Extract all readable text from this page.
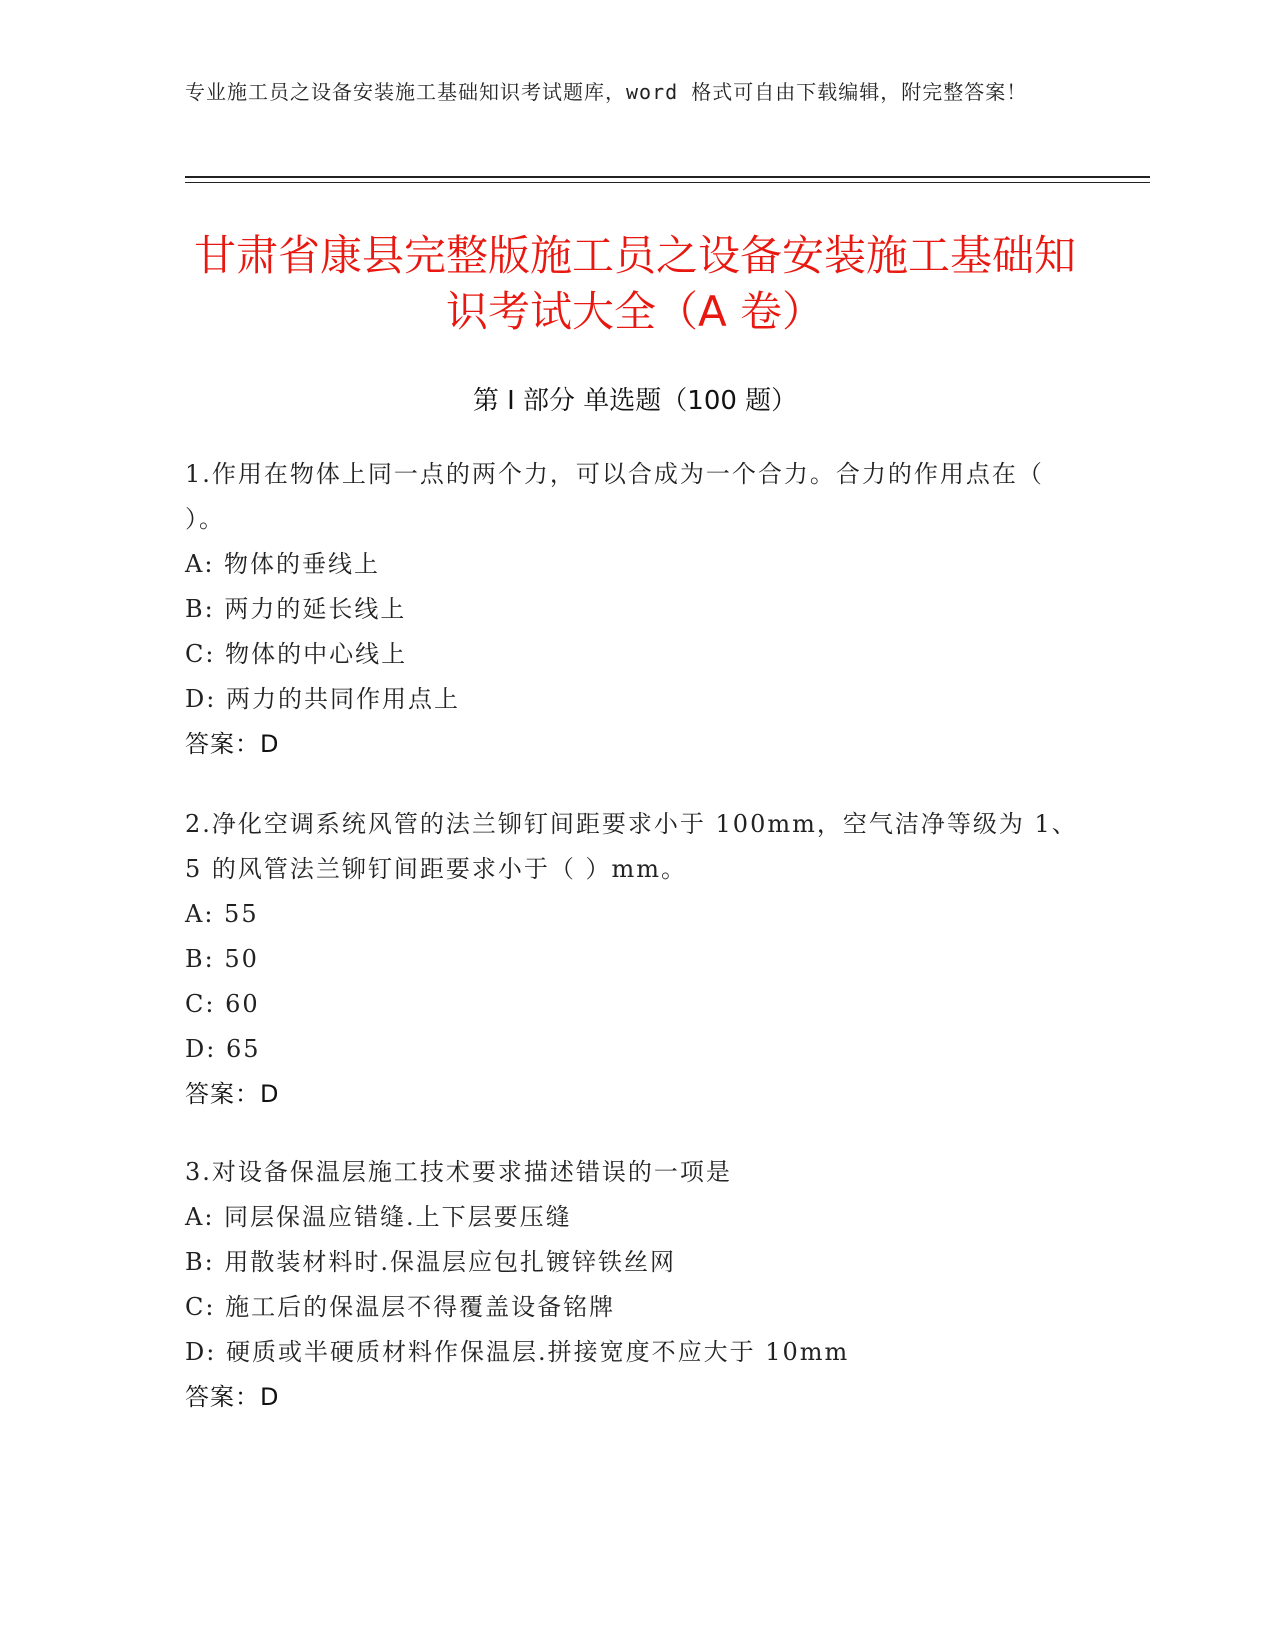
专业施工员之设备安装施工基础知识考试题库，word 格式可自由下载编辑，附完整答案！
甘肃省康县完整版施工员之设备安装施工基础知识考试大全（A 卷）
第 I 部分 单选题（100 题）
1.作用在物体上同一点的两个力，可以合成为一个合力。合力的作用点在（ ）。
A: 物体的垂线上
B: 两力的延长线上
C: 物体的中心线上
D: 两力的共同作用点上
答案：D
2.净化空调系统风管的法兰铆钉间距要求小于 100mm，空气洁净等级为 1、5 的风管法兰铆钉间距要求小于（ ）mm。
A: 55
B: 50
C: 60
D: 65
答案：D
3.对设备保温层施工技术要求描述错误的一项是
A: 同层保温应错缝.上下层要压缝
B: 用散装材料时.保温层应包扎镀锌铁丝网
C: 施工后的保温层不得覆盖设备铭牌
D: 硬质或半硬质材料作保温层.拼接宽度不应大于 10mm
答案：D
